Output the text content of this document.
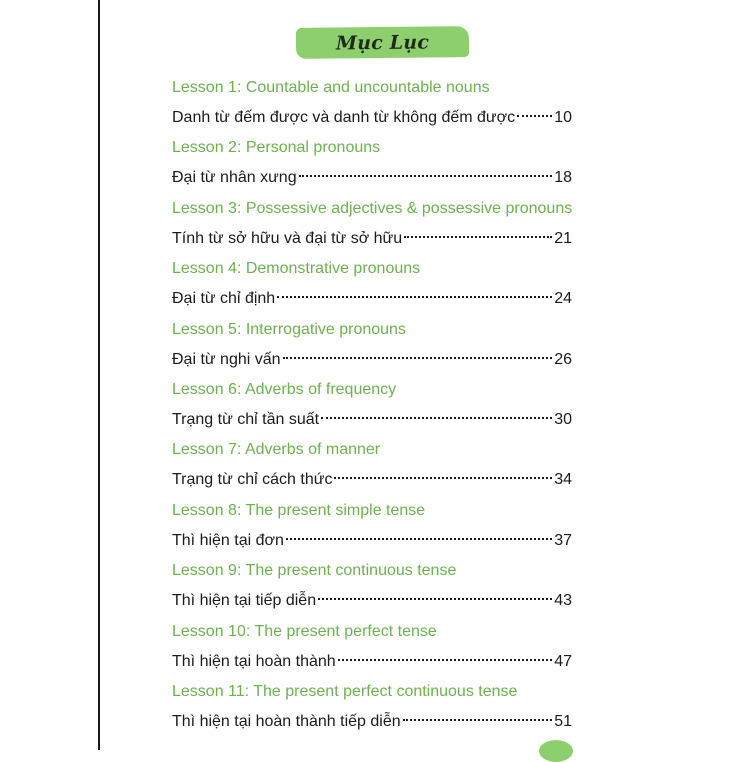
Mục Lục
Lesson 1: Countable and uncountable nouns
Danh từ đếm được và danh từ không đếm được 10
Lesson 2: Personal pronouns
Đại từ nhân xưng	18
Lesson 3: Possessive adjectives & possessive pronouns
Tính từ sở hữu và đại từ sở hữu	21
Lesson 4: Demonstrative pronouns
Đại từ chỉ định	24
Lesson 5: Interrogative pronouns
Đại từ nghi vấn	26
Lesson 6: Adverbs of frequency
Trạng từ chỉ tần suất	30
Lesson 7: Adverbs of manner
Trạng từ chỉ cách thức	34
Lesson 8: The present simple tense
Thì hiện tại đơn	37
Lesson 9: The present continuous tense
Thì hiện tại tiếp diễn	43
Lesson 10: The present perfect tense
Thì hiện tại hoàn thành	47
Lesson 11: The present perfect continuous tense
Thì hiện tại hoàn thành tiếp diễn	51
